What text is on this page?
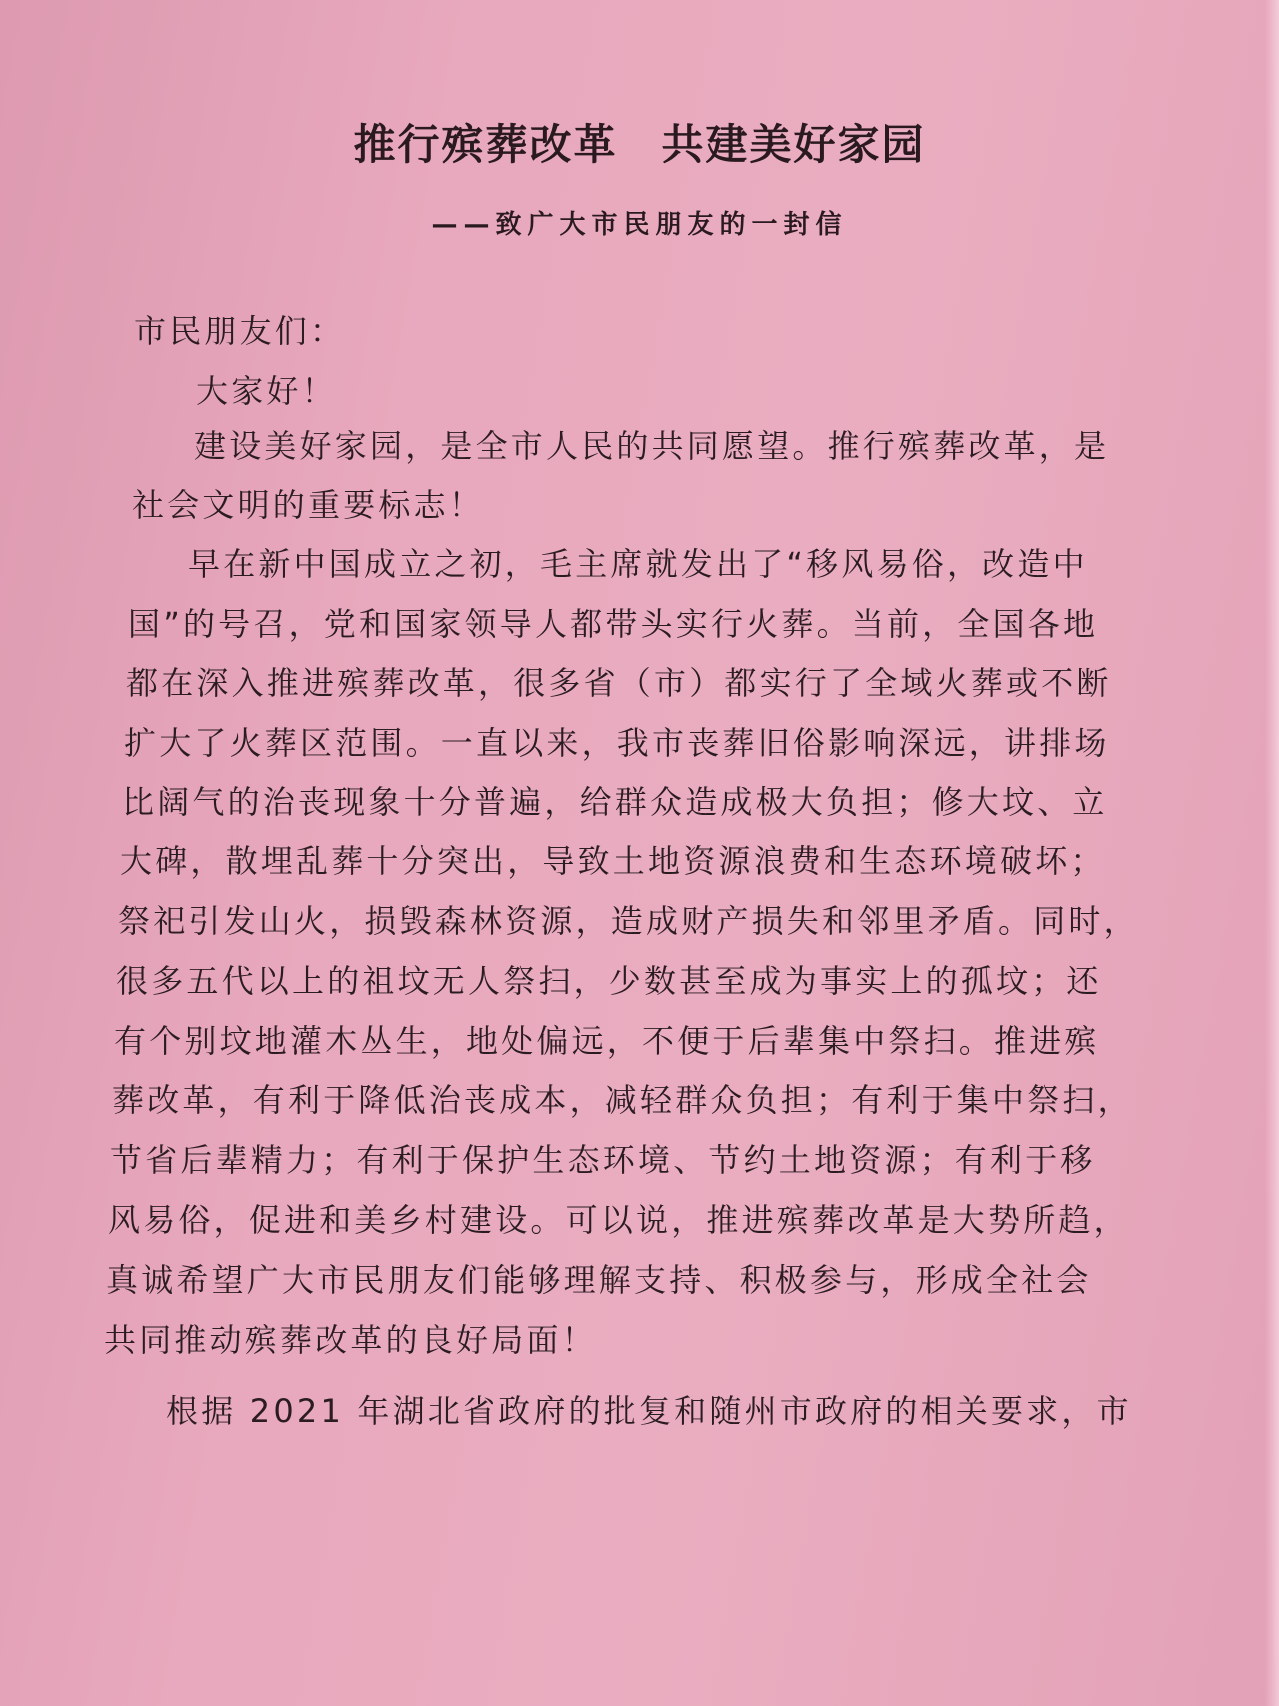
推行殡葬改革　共建美好家园
——致广大市民朋友的一封信
市民朋友们：
大家好！
建设美好家园，是全市人民的共同愿望。推行殡葬改革，是
社会文明的重要标志！
早在新中国成立之初，毛主席就发出了“移风易俗，改造中
国”的号召，党和国家领导人都带头实行火葬。当前，全国各地
都在深入推进殡葬改革，很多省（市）都实行了全域火葬或不断
扩大了火葬区范围。一直以来，我市丧葬旧俗影响深远，讲排场
比阔气的治丧现象十分普遍，给群众造成极大负担；修大坟、立
大碑，散埋乱葬十分突出，导致土地资源浪费和生态环境破坏；
祭祀引发山火，损毁森林资源，造成财产损失和邻里矛盾。同时，
很多五代以上的祖坟无人祭扫，少数甚至成为事实上的孤坟；还
有个别坟地灌木丛生，地处偏远，不便于后辈集中祭扫。推进殡
葬改革，有利于降低治丧成本，减轻群众负担；有利于集中祭扫，
节省后辈精力；有利于保护生态环境、节约土地资源；有利于移
风易俗，促进和美乡村建设。可以说，推进殡葬改革是大势所趋，
真诚希望广大市民朋友们能够理解支持、积极参与，形成全社会
共同推动殡葬改革的良好局面！
根据 2021 年湖北省政府的批复和随州市政府的相关要求，市
